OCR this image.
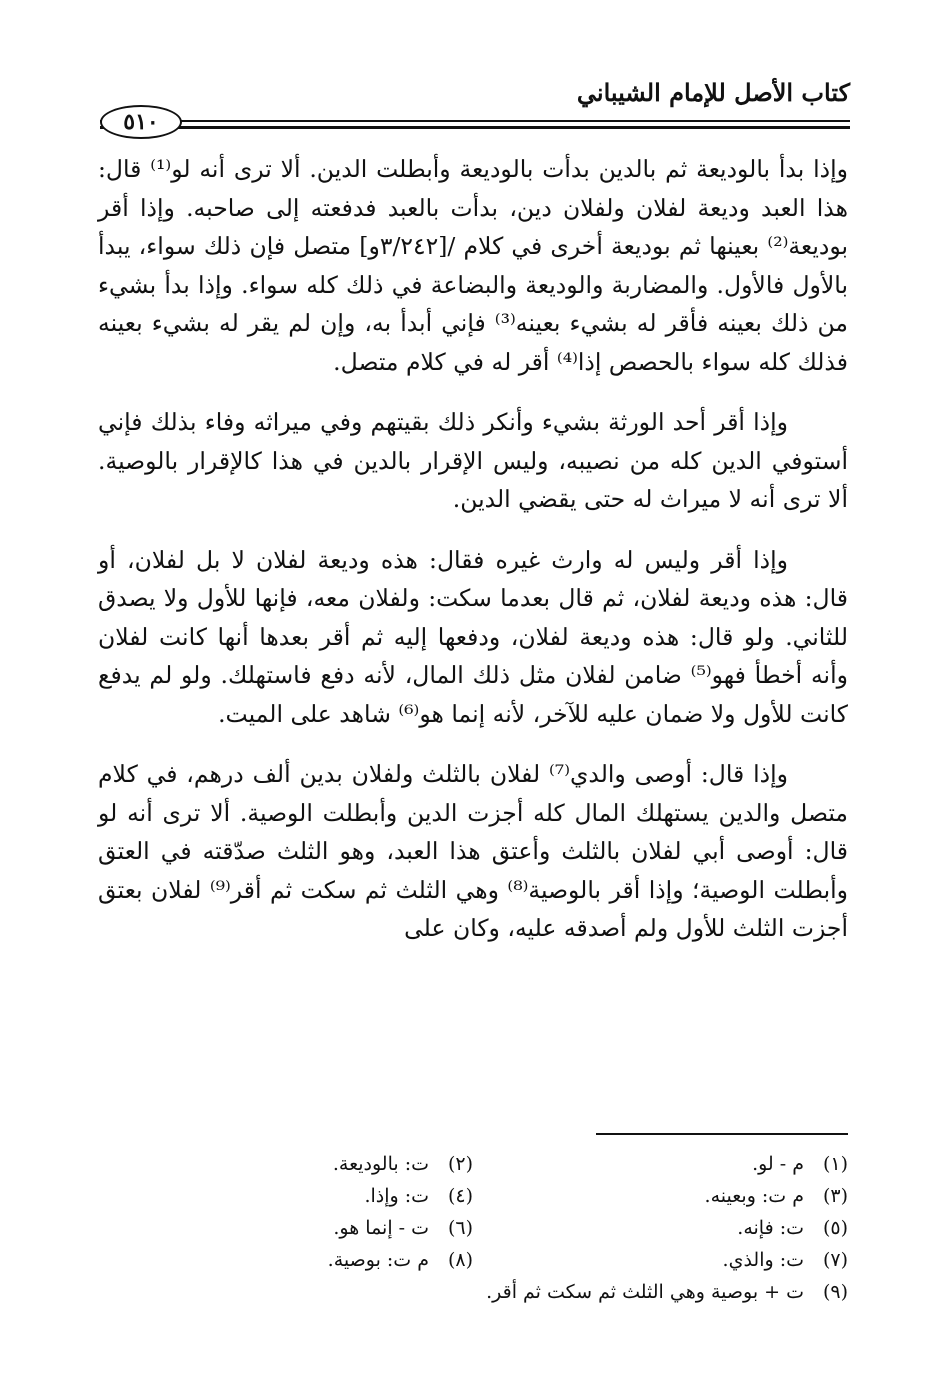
كتاب الأصل للإمام الشيباني
٥١٠

وإذا بدأ بالوديعة ثم بالدين بدأت بالوديعة وأبطلت الدين. ألا ترى أنه لو⁽¹⁾ قال: هذا العبد وديعة لفلان ولفلان دين، بدأت بالعبد فدفعته إلى صاحبه. وإذا أقر بوديعة⁽²⁾ بعينها ثم بوديعة أخرى في كلام /[٣/٢٤٢و] متصل فإن ذلك سواء، يبدأ بالأول فالأول. والمضاربة والوديعة والبضاعة في ذلك كله سواء. وإذا بدأ بشيء من ذلك بعينه فأقر له بشيء بعينه⁽³⁾ فإني أبدأ به، وإن لم يقر له بشيء بعينه فذلك كله سواء بالحصص إذا⁽⁴⁾ أقر له في كلام متصل.

وإذا أقر أحد الورثة بشيء وأنكر ذلك بقيتهم وفي ميراثه وفاء بذلك فإني أستوفي الدين كله من نصيبه، وليس الإقرار بالدين في هذا كالإقرار بالوصية. ألا ترى أنه لا ميراث له حتى يقضي الدين.

وإذا أقر وليس له وارث غيره فقال: هذه وديعة لفلان لا بل لفلان، أو قال: هذه وديعة لفلان، ثم قال بعدما سكت: ولفلان معه، فإنها للأول ولا يصدق للثاني. ولو قال: هذه وديعة لفلان، ودفعها إليه ثم أقر بعدها أنها كانت لفلان وأنه أخطأ فهو⁽⁵⁾ ضامن لفلان مثل ذلك المال، لأنه دفع فاستهلك. ولو لم يدفع كانت للأول ولا ضمان عليه للآخر، لأنه إنما هو⁽⁶⁾ شاهد على الميت.

وإذا قال: أوصى والدي⁽⁷⁾ لفلان بالثلث ولفلان بدين ألف درهم، في كلام متصل والدين يستهلك المال كله أجزت الدين وأبطلت الوصية. ألا ترى أنه لو قال: أوصى أبي لفلان بالثلث وأعتق هذا العبد، وهو الثلث صدّقته في العتق وأبطلت الوصية؛ وإذا أقر بالوصية⁽⁸⁾ وهي الثلث ثم سكت ثم أقر⁽⁹⁾ لفلان بعتق أجزت الثلث للأول ولم أصدقه عليه، وكان على

(١)
م - لو.
(٢)
ت: بالوديعة.
(٣)
م ت: وبعينه.
(٤)
ت: وإذا.
(٥)
ت: فإنه.
(٦)
ت - إنما هو.
(٧)
ت: والذي.
(٨)
م ت: بوصية.
(٩)
ت + بوصية وهي الثلث ثم سكت ثم أقر.
